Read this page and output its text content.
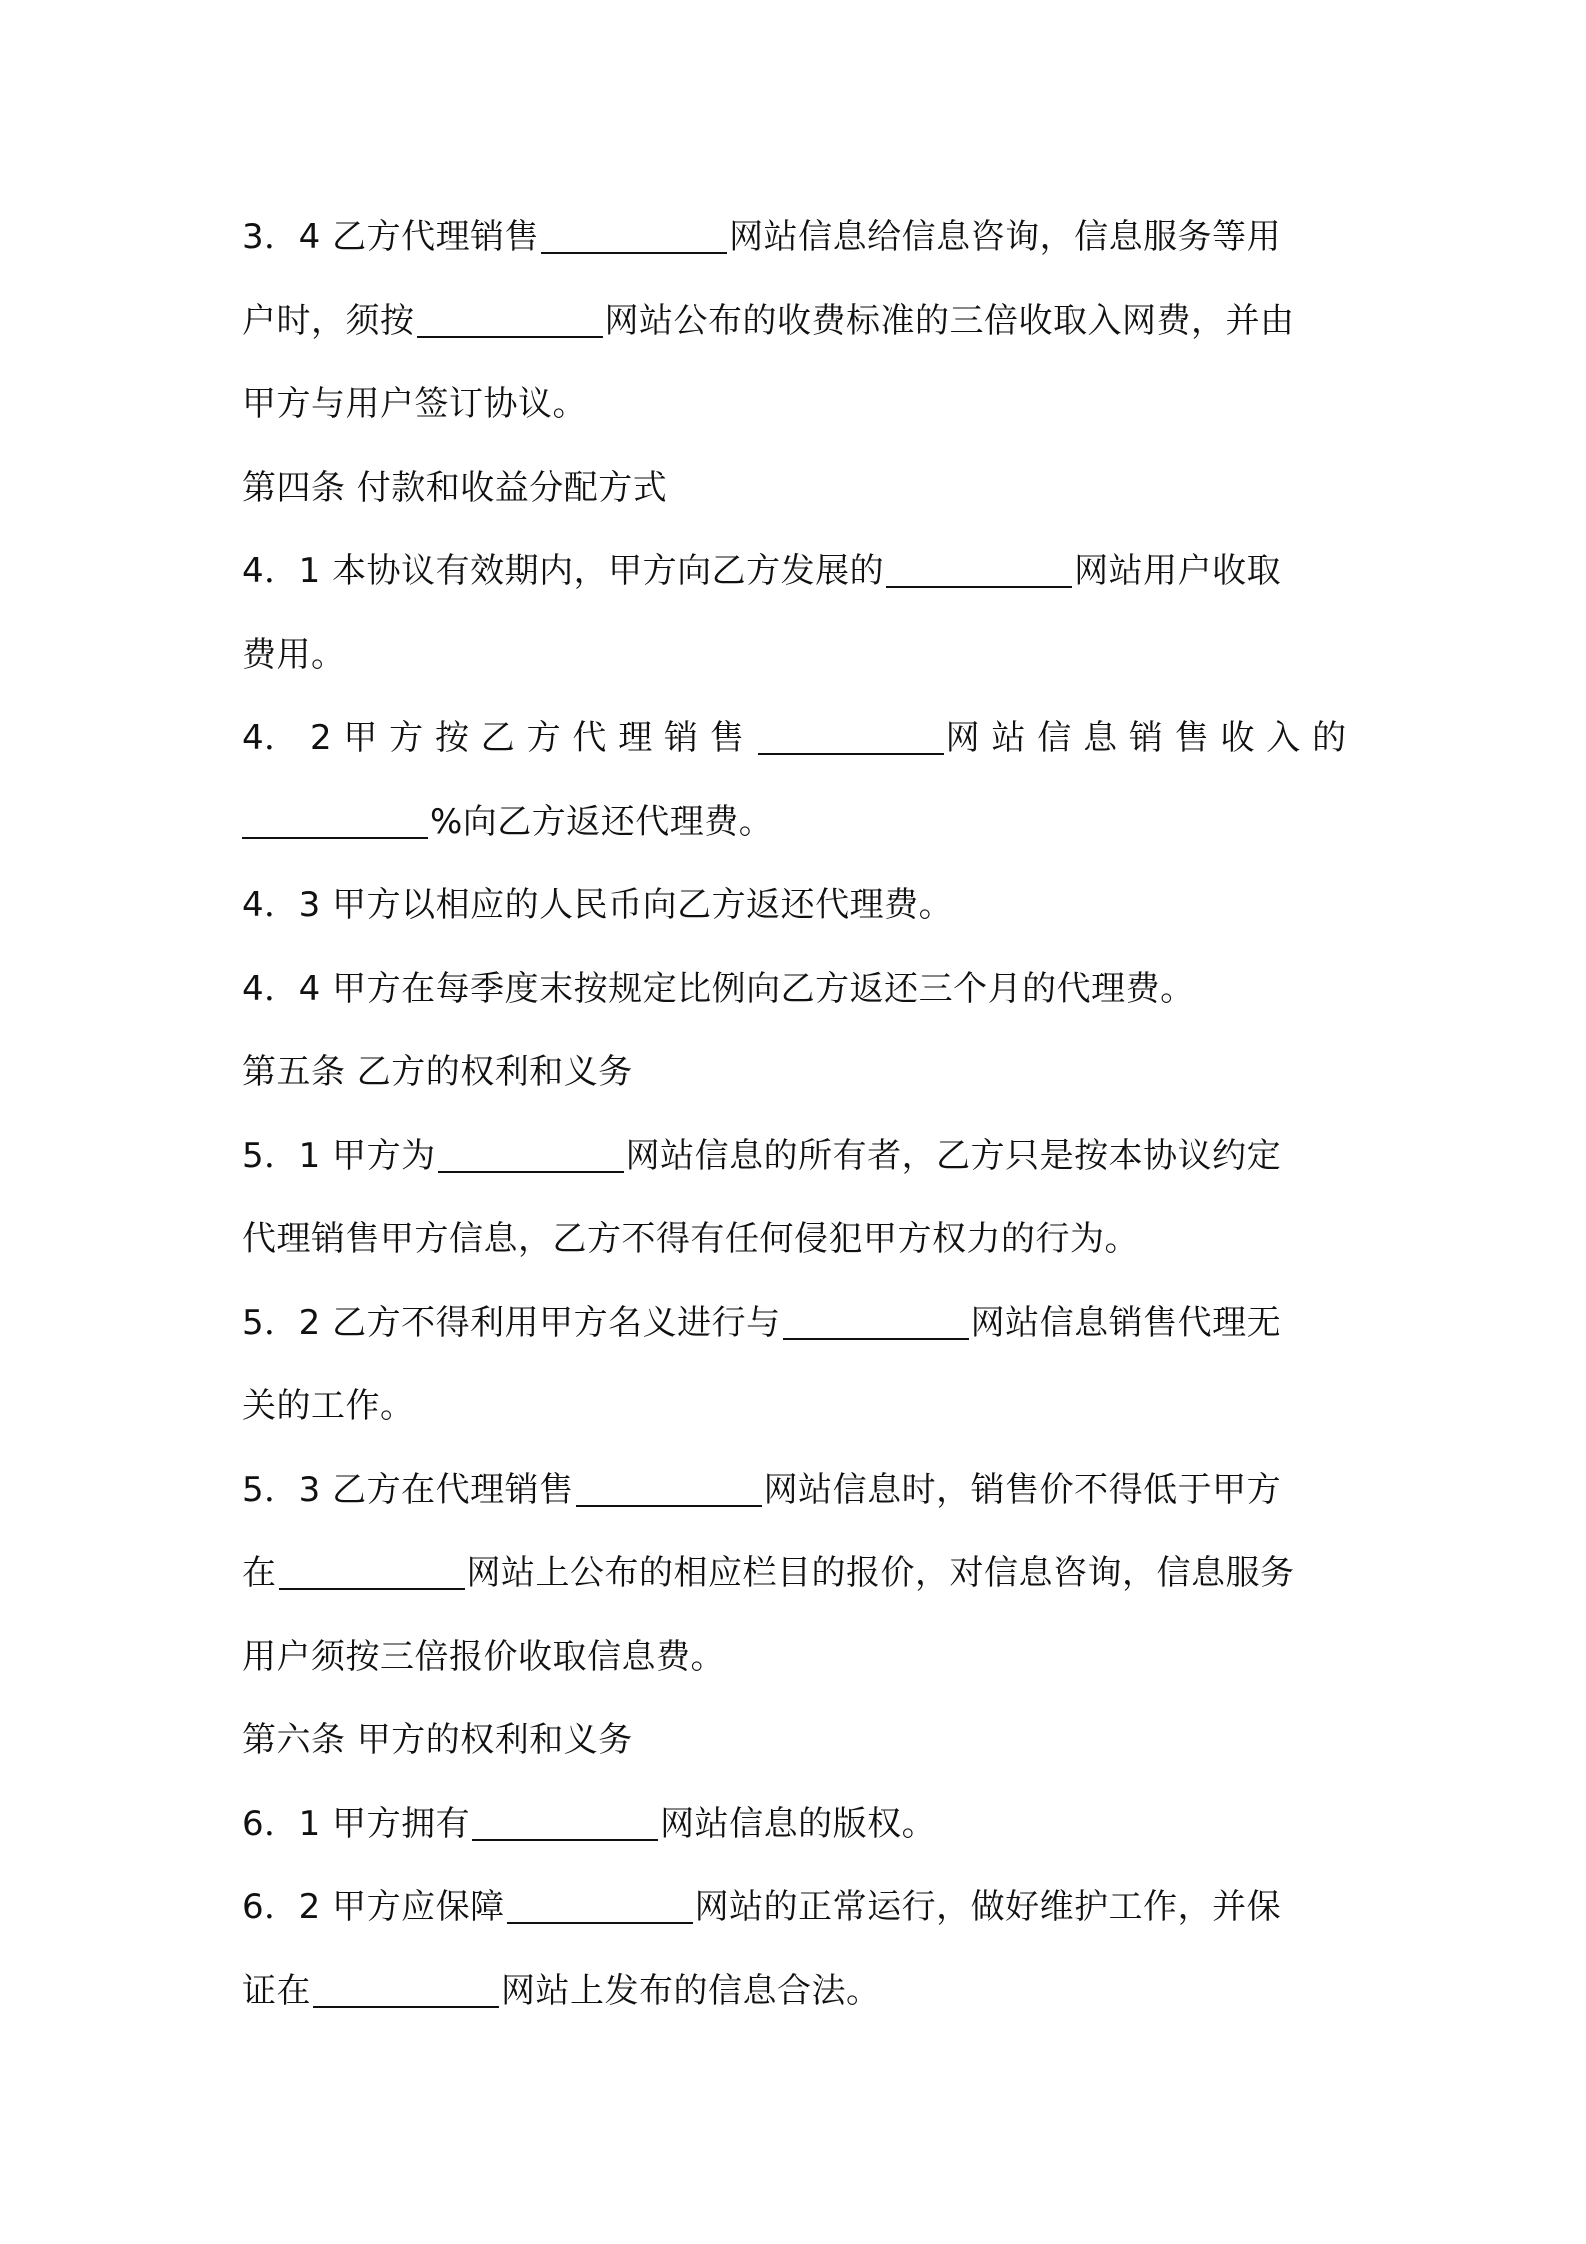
3．4 乙方代理销售	网站信息给信息咨询，信息服务等用
户时，须按	网站公布的收费标准的三倍收取入网费，并由
甲方与用户签订协议。
第四条 付款和收益分配方式
4．1 本协议有效期内，甲方向乙方发展的	网站用户收取
费用。
4． 2 甲 方 按 乙 方 代 理 销 售	网 站 信 息 销 售 收 入 的
%向乙方返还代理费。
4．3 甲方以相应的人民币向乙方返还代理费。
4．4 甲方在每季度末按规定比例向乙方返还三个月的代理费。
第五条 乙方的权利和义务
5．1 甲方为	网站信息的所有者，乙方只是按本协议约定
代理销售甲方信息，乙方不得有任何侵犯甲方权力的行为。
5．2 乙方不得利用甲方名义进行与	网站信息销售代理无
关的工作。
5．3 乙方在代理销售	网站信息时，销售价不得低于甲方
在	网站上公布的相应栏目的报价，对信息咨询，信息服务
用户须按三倍报价收取信息费。
第六条 甲方的权利和义务
6．1 甲方拥有	网站信息的版权。
6．2 甲方应保障	网站的正常运行，做好维护工作，并保
证在	网站上发布的信息合法。
